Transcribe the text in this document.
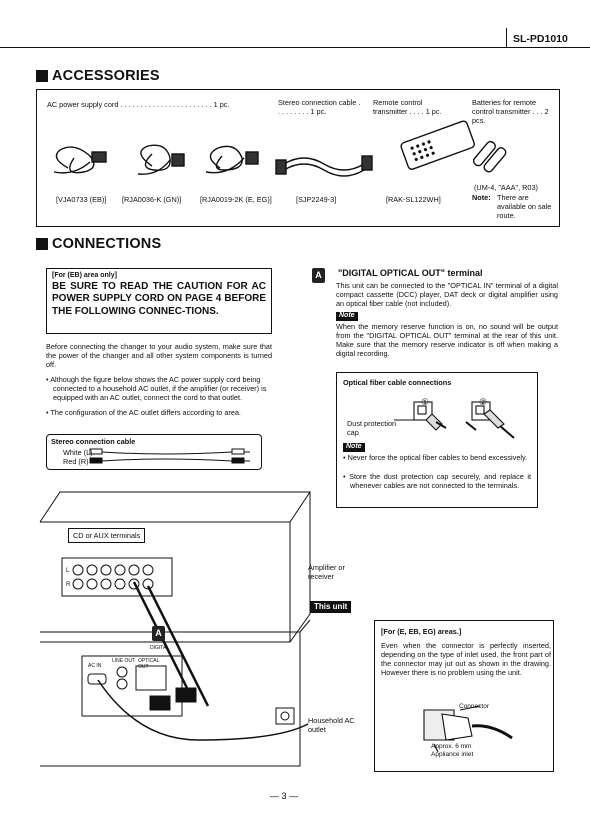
SL-PD1010
ACCESSORIES
AC power supply cord . . . . . . . . . . . . . . . . . . . . . . . 1 pc.	Stereo connection cable . . . . . . . . . 1 pc.
Remote control transmitter . . . . 1 pc.
Batteries for remote control transmitter . . . 2 pcs.
[VJA0733 (EB)] [RJA0036-K (GN)]	[RJA0019-2K (E, EG)]	[SJP2249-3]	[RAK-SL122WH]
(UM-4, "AAA", R03)
Note: There are available on sale route.
CONNECTIONS
[For (EB) area only]
BE SURE TO READ THE CAUTION FOR AC POWER SUPPLY CORD ON PAGE 4 BEFORE THE FOLLOWING CONNEC-TIONS.
Before connecting the changer to your audio system, make sure that the power of the changer and all other system components is turned off.
• Although the figure below shows the AC power supply cord being connected to a household AC outlet, if the amplifier (or receiver) is equipped with an AC outlet, connect the cord to that outlet.
• The configuration of the AC outlet differs according to area.
Stereo connection cable
White (L)
Red (R)
A	"DIGITAL OPTICAL OUT" terminal
This unit can be connected to the "OPTICAL IN" terminal of a digital compact cassette (DCC) player, DAT deck or digital amplifier using an optical fiber cable (not included).
Note
When the memory reserve function is on, no sound will be output from the "DIGITAL OPTICAL OUT" terminal at the rear of this unit. Make sure that the memory reserve indicator is off when making a digital recording.
Optical fiber cable connections
①	②
Dust protection cap
Note
• Never force the optical fiber cables to bend excessively.
• Store the dust protection cap securely, and replace it whenever cables are not connected to the terminals.
CD or AUX terminals
Amplifier or receiver
This unit
Household AC outlet
A
DIGITAL
OPTICAL OUT
LINE OUT
AC IN
L
R
[For (E, EB, EG) areas.]
Even when the connector is perfectly inserted, depending on the type of inlet used, the front part of the connector may jut out as shown in the drawing. However there is no problem using the unit.
Connector
Approx. 6 mm
Appliance inlet
— 3 —
